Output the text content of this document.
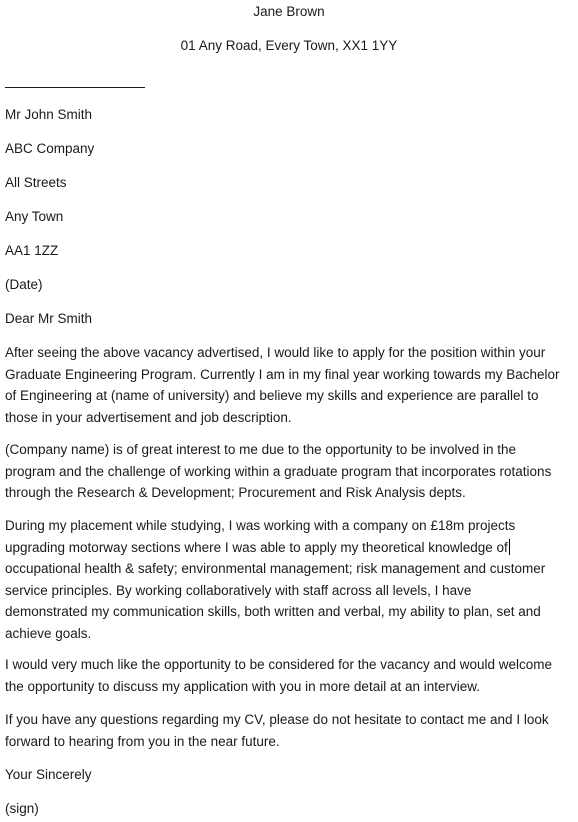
Jane Brown
01 Any Road, Every Town, XX1 1YY
Mr John Smith
ABC Company
All Streets
Any Town
AA1 1ZZ
(Date)
Dear Mr Smith
After seeing the above vacancy advertised, I would like to apply for the position within your
Graduate Engineering Program. Currently I am in my final year working towards my Bachelor
of Engineering at (name of university) and believe my skills and experience are parallel to
those in your advertisement and job description.
(Company name) is of great interest to me due to the opportunity to be involved in the
program and the challenge of working within a graduate program that incorporates rotations
through the Research & Development; Procurement and Risk Analysis depts.
During my placement while studying, I was working with a company on £18m projects
upgrading motorway sections where I was able to apply my theoretical knowledge of
occupational health & safety; environmental management; risk management and customer
service principles. By working collaboratively with staff across all levels, I have
demonstrated my communication skills, both written and verbal, my ability to plan, set and
achieve goals.
I would very much like the opportunity to be considered for the vacancy and would welcome
the opportunity to discuss my application with you in more detail at an interview.
If you have any questions regarding my CV, please do not hesitate to contact me and I look
forward to hearing from you in the near future.
Your Sincerely
(sign)
